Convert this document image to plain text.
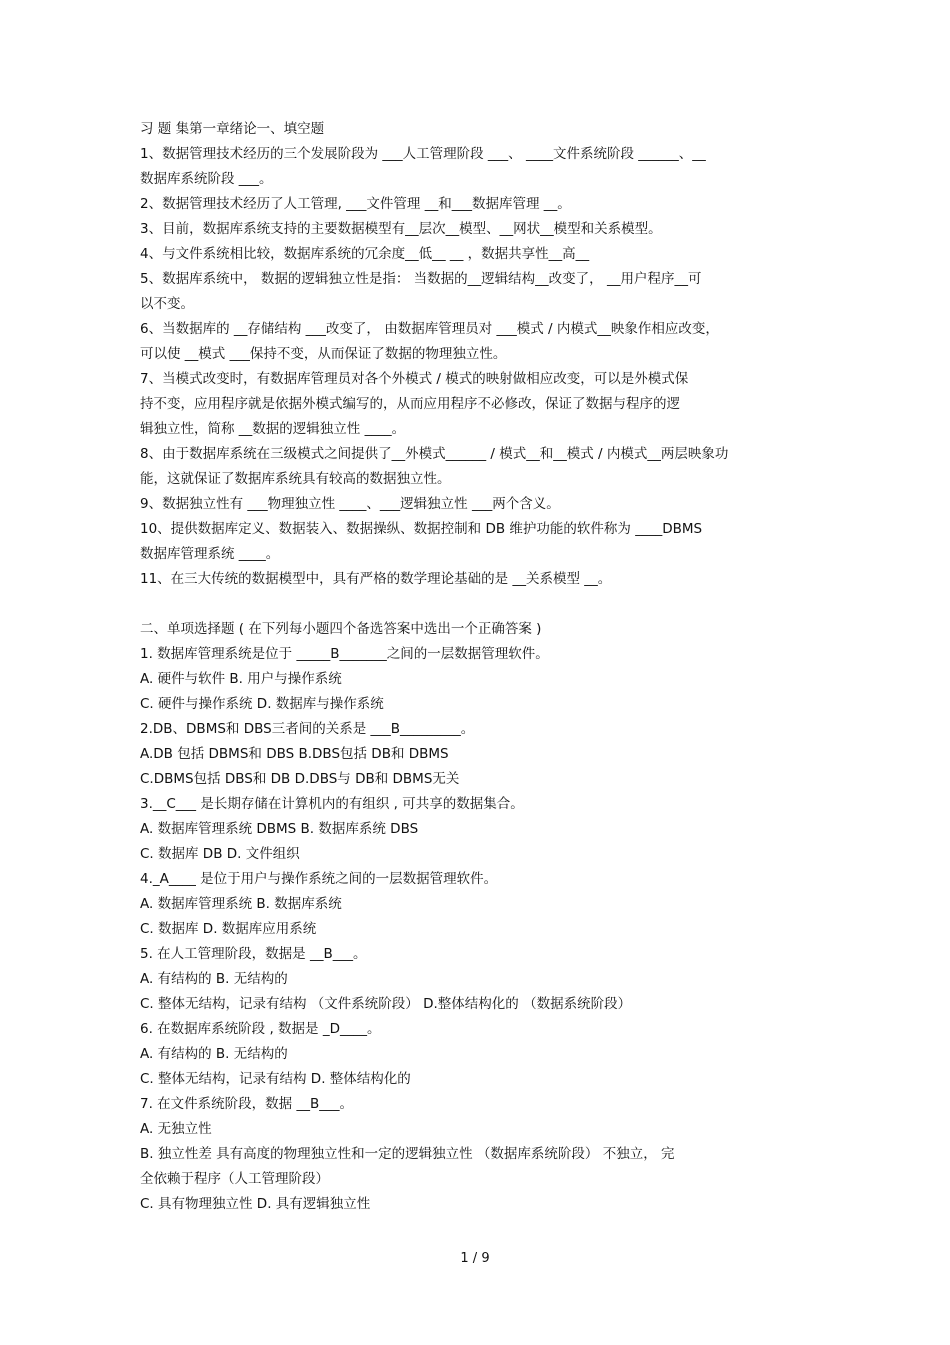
习 题 集第一章绪论一、填空题
1、数据管理技术经历的三个发展阶段为 ___人工管理阶段 ___、 ____文件系统阶段 ______、__
数据库系统阶段 ___。
2、数据管理技术经历了人工管理, ___文件管理 __和___数据库管理 __。
3、目前，数据库系统支持的主要数据模型有__层次__模型、__网状__模型和关系模型。
4、与文件系统相比较，数据库系统的冗余度__低__ __ ，数据共享性__高__
5、数据库系统中， 数据的逻辑独立性是指： 当数据的__逻辑结构__改变了， __用户程序__可
以不变。
6、当数据库的 __存储结构 ___改变了， 由数据库管理员对 ___模式 / 内模式__映象作相应改变，
可以使 __模式 ___保持不变，从而保证了数据的物理独立性。
7、当模式改变时，有数据库管理员对各个外模式 / 模式的映射做相应改变，可以是外模式保
持不变，应用程序就是依据外模式编写的，从而应用程序不必修改，保证了数据与程序的逻
辑独立性，简称 __数据的逻辑独立性 ____。
8、由于数据库系统在三级模式之间提供了__外模式______ / 模式__和__模式 / 内模式__两层映象功
能，这就保证了数据库系统具有较高的数据独立性。
9、数据独立性有 ___物理独立性 ____、___逻辑独立性 ___两个含义。
10、提供数据库定义、数据装入、数据操纵、数据控制和 DB 维护功能的软件称为 ____DBMS
数据库管理系统 ____。
11、在三大传统的数据模型中，具有严格的数学理论基础的是 __关系模型 __。
二、单项选择题 ( 在下列每小题四个备选答案中选出一个正确答案 )
1. 数据库管理系统是位于 _____B_______之间的一层数据管理软件。
A. 硬件与软件 B. 用户与操作系统
C. 硬件与操作系统 D. 数据库与操作系统
2.DB、DBMS和 DBS三者间的关系是 ___B_________。
A.DB 包括 DBMS和 DBS B.DBS包括 DB和 DBMS
C.DBMS包括 DBS和 DB D.DBS与 DB和 DBMS无关
3.__C___ 是长期存储在计算机内的有组织 , 可共享的数据集合。
A. 数据库管理系统 DBMS B. 数据库系统 DBS
C. 数据库 DB D. 文件组织
4._A____ 是位于用户与操作系统之间的一层数据管理软件。
A. 数据库管理系统 B. 数据库系统
C. 数据库 D. 数据库应用系统
5. 在人工管理阶段，数据是 __B___。
A. 有结构的 B. 无结构的
C. 整体无结构，记录有结构 （文件系统阶段） D.整体结构化的 （数据系统阶段）
6. 在数据库系统阶段 , 数据是 _D____。
A. 有结构的 B. 无结构的
C. 整体无结构，记录有结构 D. 整体结构化的
7. 在文件系统阶段，数据 __B___。
A. 无独立性
B. 独立性差 具有高度的物理独立性和一定的逻辑独立性 （数据库系统阶段） 不独立， 完
全依赖于程序（人工管理阶段）
C. 具有物理独立性 D. 具有逻辑独立性
1 / 9
